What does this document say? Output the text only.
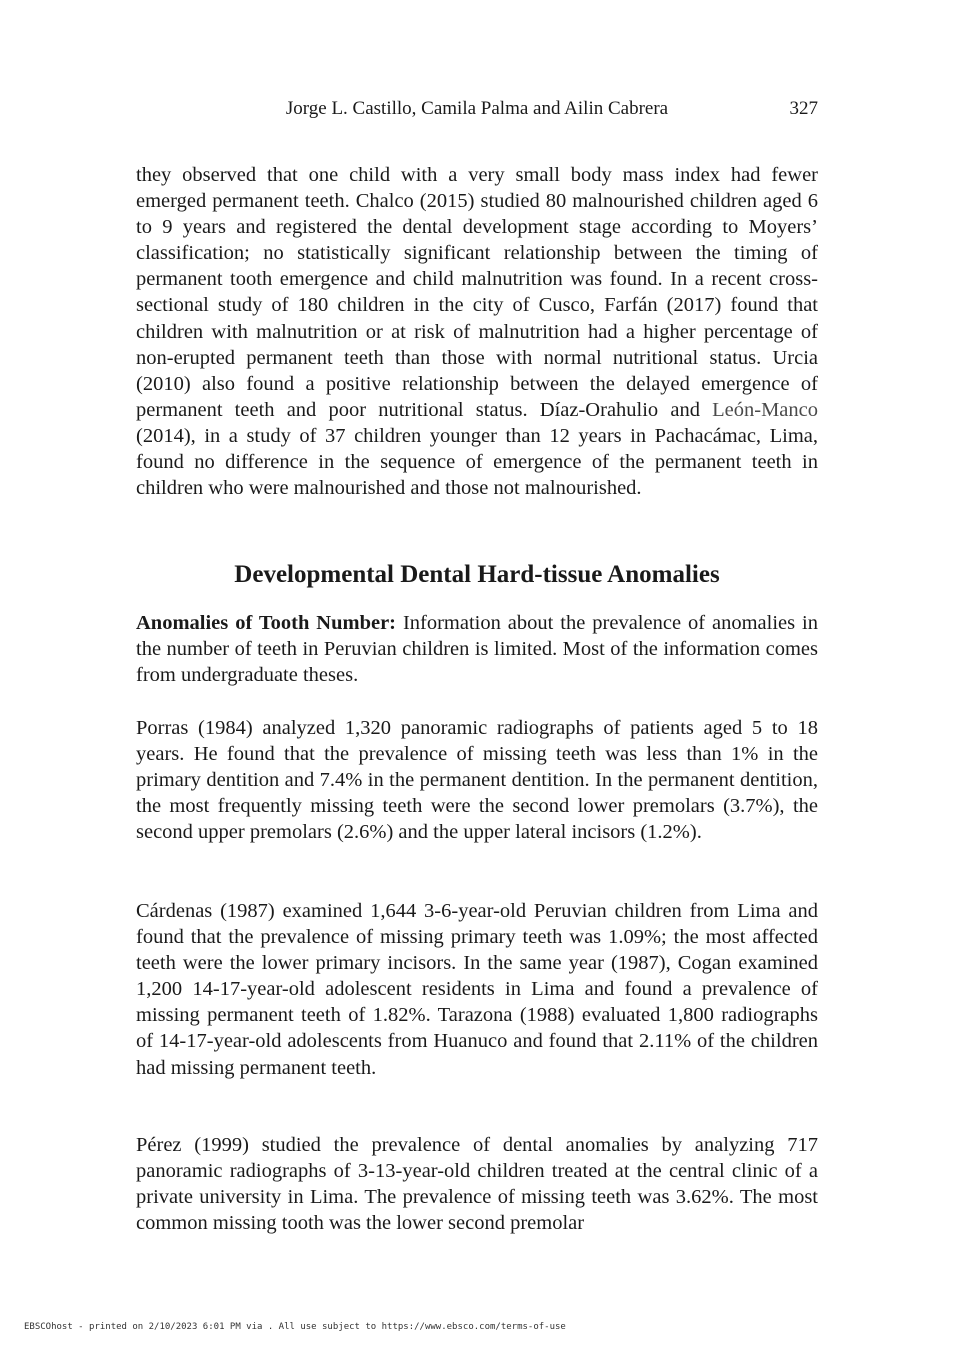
Jorge L. Castillo, Camila Palma and Ailin Cabrera	327

they observed that one child with a very small body mass index had fewer emerged permanent teeth. Chalco (2015) studied 80 malnourished children aged 6 to 9 years and registered the dental development stage according to Moyers’ classification; no statistically significant relationship between the timing of permanent tooth emergence and child malnutrition was found. In a recent cross-sectional study of 180 children in the city of Cusco, Farfán (2017) found that children with malnutrition or at risk of malnutrition had a higher percentage of non-erupted permanent teeth than those with normal nutritional status. Urcia (2010) also found a positive relationship between the delayed emergence of permanent teeth and poor nutritional status. Díaz-Orahulio and León-Manco (2014), in a study of 37 children younger than 12 years in Pachacámac, Lima, found no difference in the sequence of emergence of the permanent teeth in children who were malnourished and those not malnourished.

Developmental Dental Hard-tissue Anomalies

Anomalies of Tooth Number: Information about the prevalence of anomalies in the number of teeth in Peruvian children is limited. Most of the information comes from undergraduate theses.

Porras (1984) analyzed 1,320 panoramic radiographs of patients aged 5 to 18 years. He found that the prevalence of missing teeth was less than 1% in the primary dentition and 7.4% in the permanent dentition. In the permanent dentition, the most frequently missing teeth were the second lower premolars (3.7%), the second upper premolars (2.6%) and the upper lateral incisors (1.2%).

Cárdenas (1987) examined 1,644 3-6-year-old Peruvian children from Lima and found that the prevalence of missing primary teeth was 1.09%; the most affected teeth were the lower primary incisors. In the same year (1987), Cogan examined 1,200 14-17-year-old adolescent residents in Lima and found a prevalence of missing permanent teeth of 1.82%. Tarazona (1988) evaluated 1,800 radiographs of 14-17-year-old adolescents from Huanuco and found that 2.11% of the children had missing permanent teeth.

Pérez (1999) studied the prevalence of dental anomalies by analyzing 717 panoramic radiographs of 3-13-year-old children treated at the central clinic of a private university in Lima. The prevalence of missing teeth was 3.62%. The most common missing tooth was the lower second premolar

EBSCOhost - printed on 2/10/2023 6:01 PM via . All use subject to https://www.ebsco.com/terms-of-use
